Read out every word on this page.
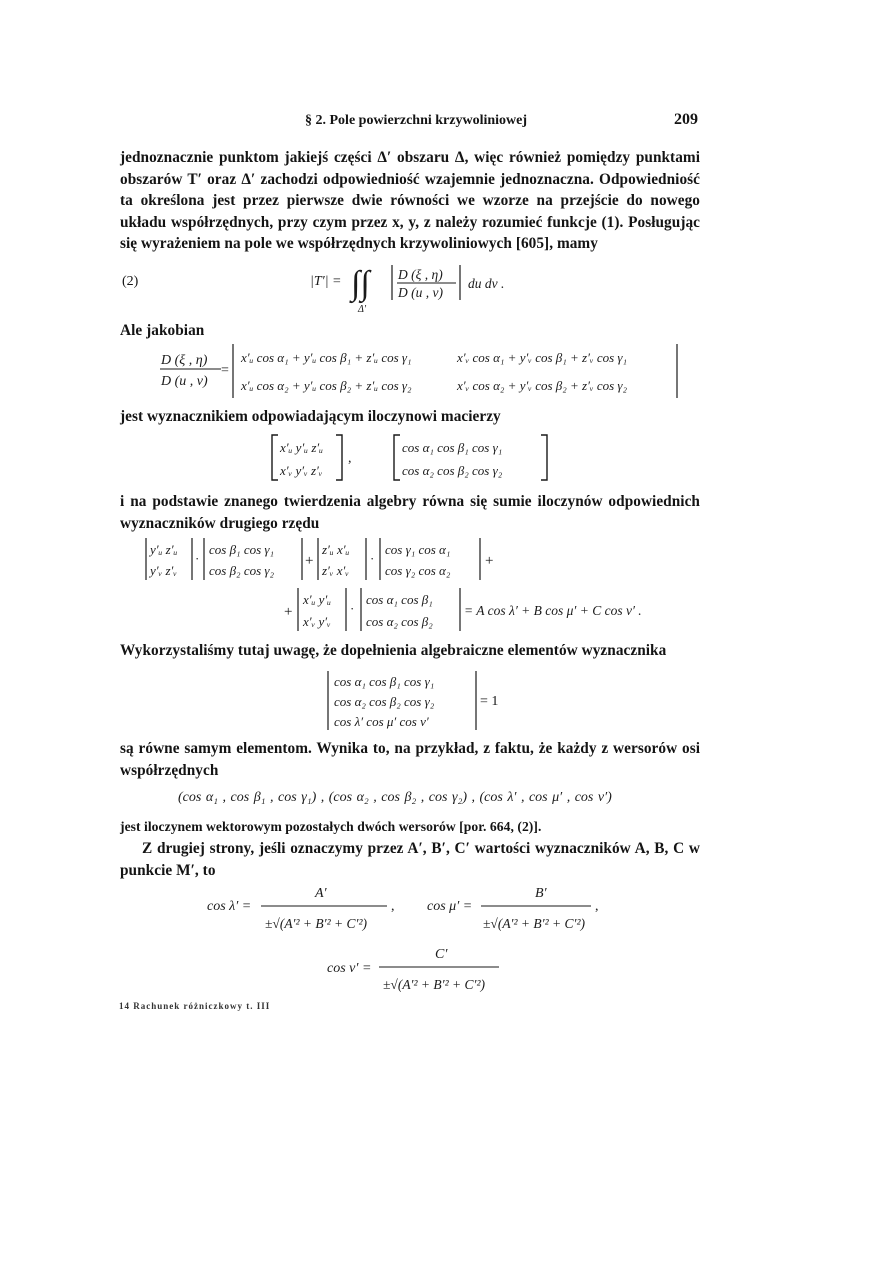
§ 2. Pole powierzchni krzywoliniowej	209
jednoznacznie punktom jakiejś części Δ′ obszaru Δ, więc również pomiędzy punktami obszarów T′ oraz Δ′ zachodzi odpowiedniość wzajemnie jednoznaczna. Odpowiedniość ta określona jest przez pierwsze dwie równości we wzorze na przejście do nowego układu współrzędnych, przy czym przez x, y, z należy rozumieć funkcje (1). Posługując się wyrażeniem na pole we współrzędnych krzywoliniowych [605], mamy
(2)	|T′| = ∫∫
Δ′
D (ξ , η)
D (u , v)
du dv .
Ale jakobian
D (ξ , η)
D (u , v)
=
x′ᵤ cos α₁ + y′ᵤ cos β₁ + z′ᵤ cos γ₁	x′ᵥ cos α₁ + y′ᵥ cos β₁ + z′ᵥ cos γ₁
x′ᵤ cos α₂ + y′ᵤ cos β₂ + z′ᵤ cos γ₂	x′ᵥ cos α₂ + y′ᵥ cos β₂ + z′ᵥ cos γ₂
jest wyznacznikiem odpowiadającym iloczynowi macierzy
x′ᵤ y′ᵤ z′ᵤ
x′ᵥ y′ᵥ z′ᵥ
,
cos α₁ cos β₁ cos γ₁
cos α₂ cos β₂ cos γ₂
i na podstawie znanego twierdzenia algebry równa się sumie iloczynów odpowiednich wyznaczników drugiego rzędu
y′ᵤ z′ᵤ
y′ᵥ z′ᵥ
·
cos β₁ cos γ₁
cos β₂ cos γ₂
+
z′ᵤ x′ᵤ
z′ᵥ x′ᵥ
·
cos γ₁ cos α₁
cos γ₂ cos α₂
+
+
x′ᵤ y′ᵤ
x′ᵥ y′ᵥ
·
cos α₁ cos β₁
cos α₂ cos β₂
= A cos λ′ + B cos μ′ + C cos ν′ .
Wykorzystaliśmy tutaj uwagę, że dopełnienia algebraiczne elementów wyznacznika
cos α₁ cos β₁ cos γ₁
cos α₂ cos β₂ cos γ₂
cos λ′ cos μ′ cos ν′
= 1
są równe samym elementom. Wynika to, na przykład, z faktu, że każdy z wersorów osi współrzędnych
(cos α₁ , cos β₁ , cos γ₁) , (cos α₂ , cos β₂ , cos γ₂) , (cos λ′ , cos μ′ , cos ν′)
jest iloczynem wektorowym pozostałych dwóch wersorów [por. 664, (2)].
Z drugiej strony, jeśli oznaczymy przez A′, B′, C′ wartości wyznaczników A, B, C w punkcie M′, to
cos λ′ =
A′
±√(A′² + B′² + C′²)
, cos μ′ =
B′
±√(A′² + B′² + C′²)
,
cos ν′ =
C′
±√(A′² + B′² + C′²)
14 Rachunek różniczkowy t. III
